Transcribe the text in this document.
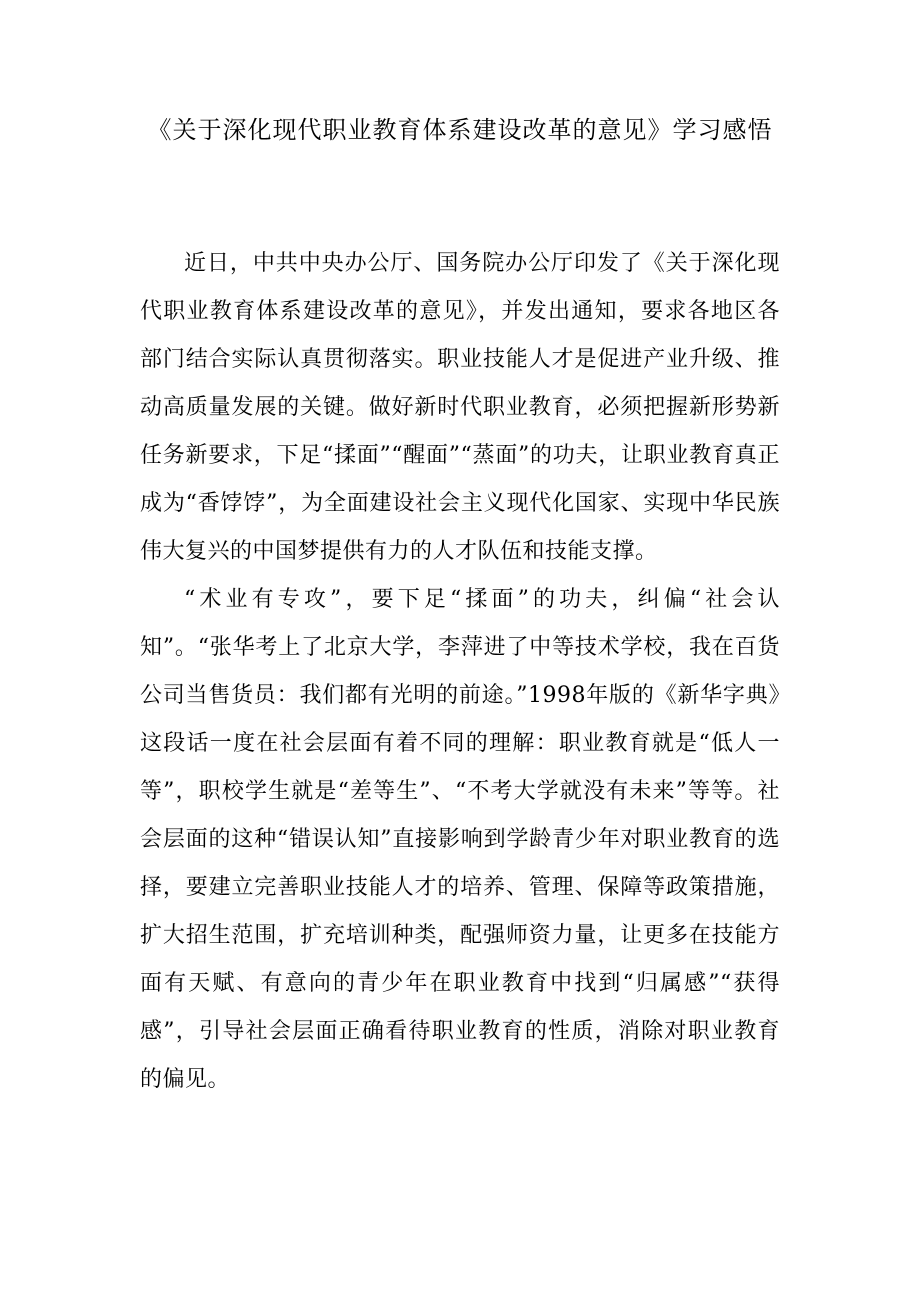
《关于深化现代职业教育体系建设改革的意见》学习感悟

近日，中共中央办公厅、国务院办公厅印发了《关于深化现代职业教育体系建设改革的意见》，并发出通知，要求各地区各部门结合实际认真贯彻落实。职业技能人才是促进产业升级、推动高质量发展的关键。做好新时代职业教育，必须把握新形势新任务新要求，下足“揉面”“醒面”“蒸面”的功夫，让职业教育真正成为“香饽饽”，为全面建设社会主义现代化国家、实现中华民族伟大复兴的中国梦提供有力的人才队伍和技能支撑。

“术业有专攻”，要下足“揉面”的功夫，纠偏“社会认知”。“张华考上了北京大学，李萍进了中等技术学校，我在百货公司当售货员：我们都有光明的前途。”1998年版的《新华字典》这段话一度在社会层面有着不同的理解：职业教育就是“低人一等”，职校学生就是“差等生”、“不考大学就没有未来”等等。社会层面的这种“错误认知”直接影响到学龄青少年对职业教育的选择，要建立完善职业技能人才的培养、管理、保障等政策措施，扩大招生范围，扩充培训种类，配强师资力量，让更多在技能方面有天赋、有意向的青少年在职业教育中找到“归属感”“获得感”，引导社会层面正确看待职业教育的性质，消除对职业教育的偏见。
